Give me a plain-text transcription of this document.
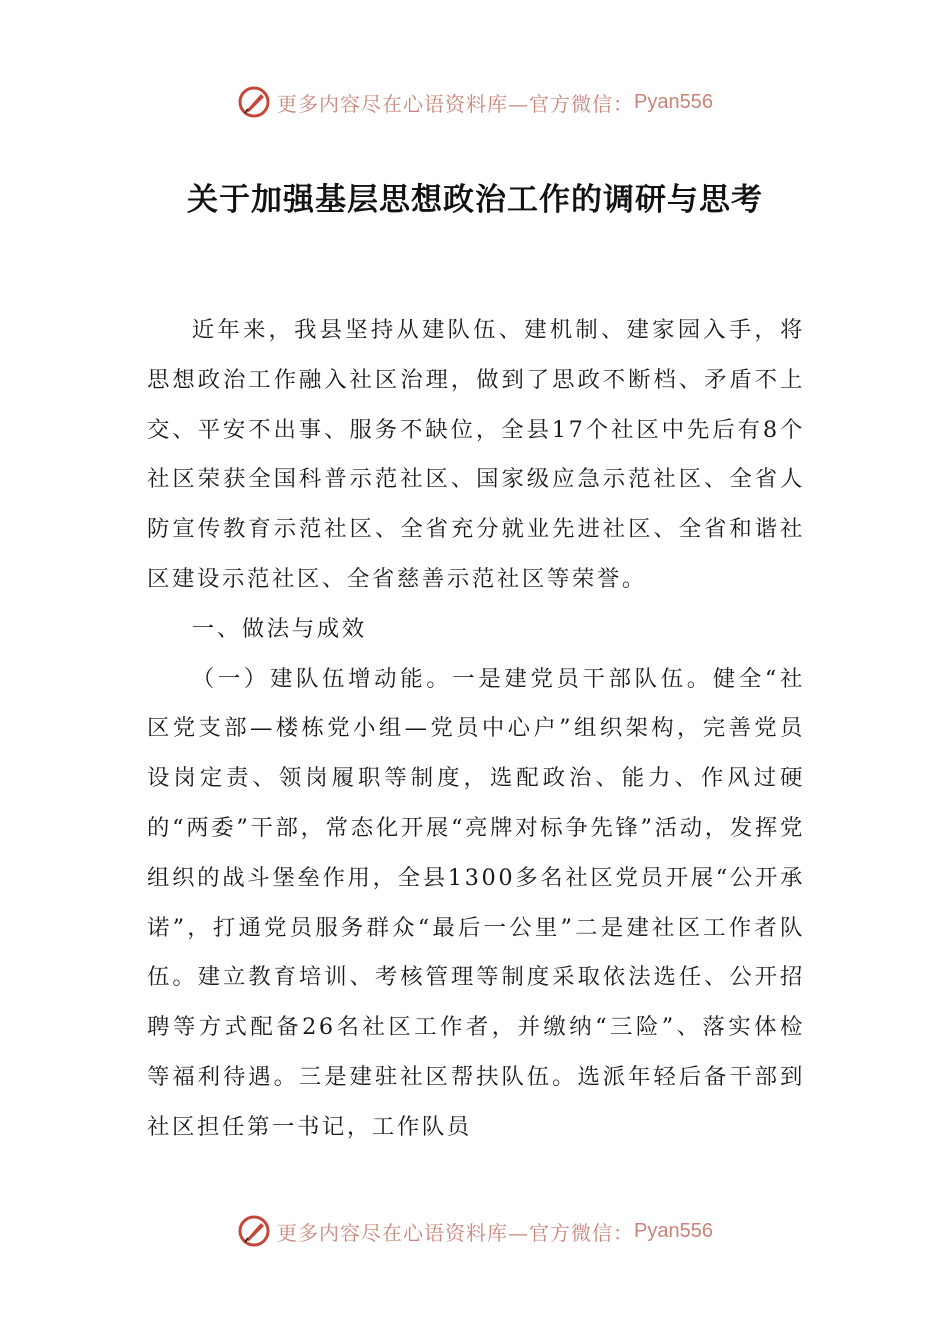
更多内容尽在心语资料库—官方微信： Pyan556
关于加强基层思想政治工作的调研与思考

近年来，我县坚持从建队伍、建机制、建家园入手，将思想政治工作融入社区治理，做到了思政不断档、矛盾不上交、平安不出事、服务不缺位，全县17个社区中先后有8个社区荣获全国科普示范社区、国家级应急示范社区、全省人防宣传教育示范社区、全省充分就业先进社区、全省和谐社区建设示范社区、全省慈善示范社区等荣誉。

一、做法与成效

（一）建队伍增动能。一是建党员干部队伍。健全“社区党支部—楼栋党小组—党员中心户”组织架构，完善党员设岗定责、领岗履职等制度，选配政治、能力、作风过硬的“两委”干部，常态化开展“亮牌对标争先锋”活动，发挥党组织的战斗堡垒作用，全县1300多名社区党员开展“公开承诺”，打通党员服务群众“最后一公里”二是建社区工作者队伍。建立教育培训、考核管理等制度采取依法选任、公开招聘等方式配备26名社区工作者，并缴纳“三险”、落实体检等福利待遇。三是建驻社区帮扶队伍。选派年轻后备干部到社区担任第一书记，工作队员

更多内容尽在心语资料库—官方微信： Pyan556
